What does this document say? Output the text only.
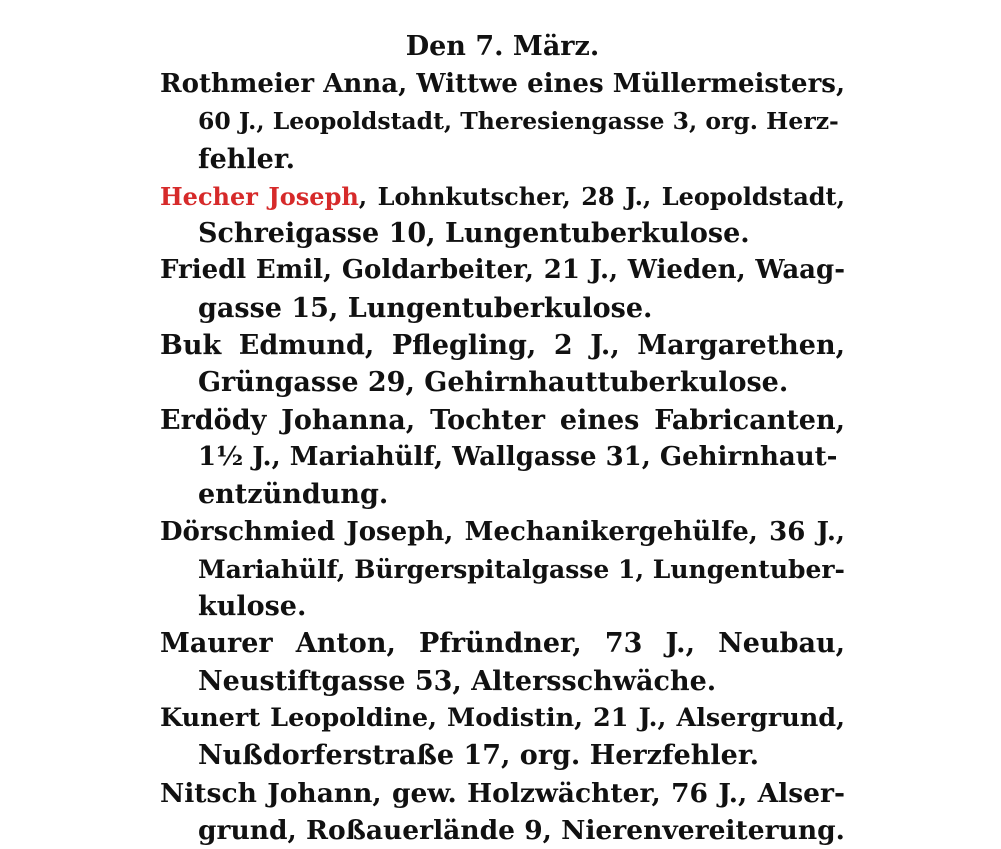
Den 7. März.
Rothmeier Anna, Wittwe eines Müllermeisters,
60 J., Leopoldstadt, Theresiengasse 3, org. Herz-
fehler.
Hecher Joseph, Lohnkutscher, 28 J., Leopoldstadt,
Schreigasse 10, Lungentuberkulose.
Friedl Emil, Goldarbeiter, 21 J., Wieden, Waag-
gasse 15, Lungentuberkulose.
Buk Edmund, Pflegling, 2 J., Margarethen,
Grüngasse 29, Gehirnhauttuberkulose.
Erdödy Johanna, Tochter eines Fabricanten,
1½ J., Mariahülf, Wallgasse 31, Gehirnhaut-
entzündung.
Dörschmied Joseph, Mechanikergehülfe, 36 J.,
Mariahülf, Bürgerspitalgasse 1, Lungentuber-
kulose.
Maurer Anton, Pfründner, 73 J., Neubau,
Neustiftgasse 53, Altersschwäche.
Kunert Leopoldine, Modistin, 21 J., Alsergrund,
Nußdorferstraße 17, org. Herzfehler.
Nitsch Johann, gew. Holzwächter, 76 J., Alser-
grund, Roßauerlände 9, Nierenvereiterung.
